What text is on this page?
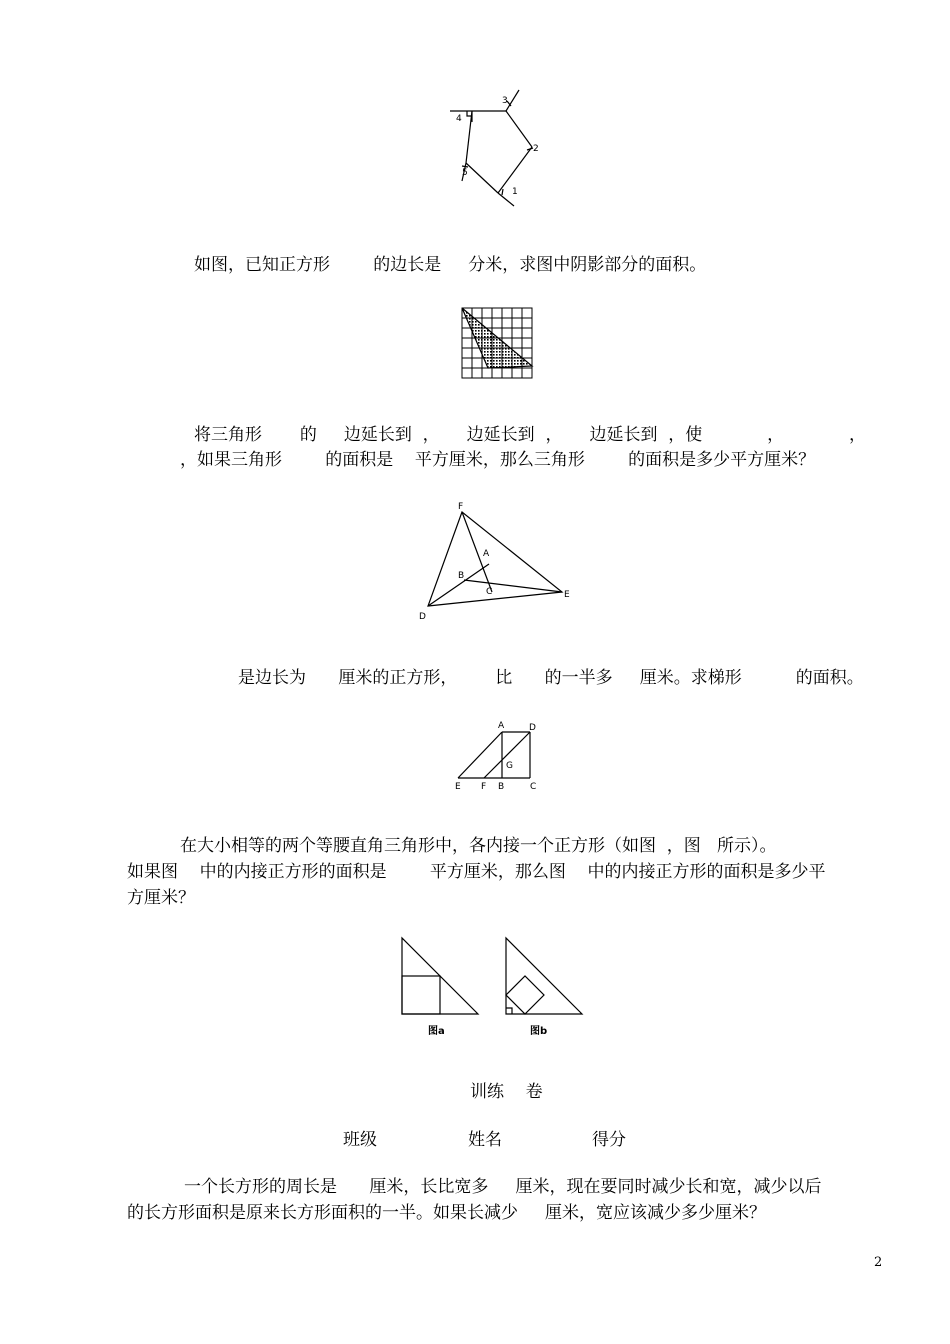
1
2
3
4
5
如图，已知正方形        的边长是     分米，求图中阴影部分的面积。
将三角形       的     边延长到  ，     边延长到  ，     边延长到  ，使            ，            ，
，如果三角形        的面积是    平方厘米，那么三角形        的面积是多少平方厘米？
F
A
B
C
D
E
是边长为      厘米的正方形，       比      的一半多     厘米。求梯形          的面积。
A	D
G
E F B	C
在大小相等的两个等腰直角三角形中，各内接一个正方形（如图  ，图   所示）。
如果图    中的内接正方形的面积是        平方厘米，那么图    中的内接正方形的面积是多少平
方厘米？
图a	图b
训练    卷
班级	姓名	得分
一个长方形的周长是      厘米，长比宽多     厘米，现在要同时减少长和宽，减少以后
的长方形面积是原来长方形面积的一半。如果长减少     厘米，宽应该减少多少厘米？
2
